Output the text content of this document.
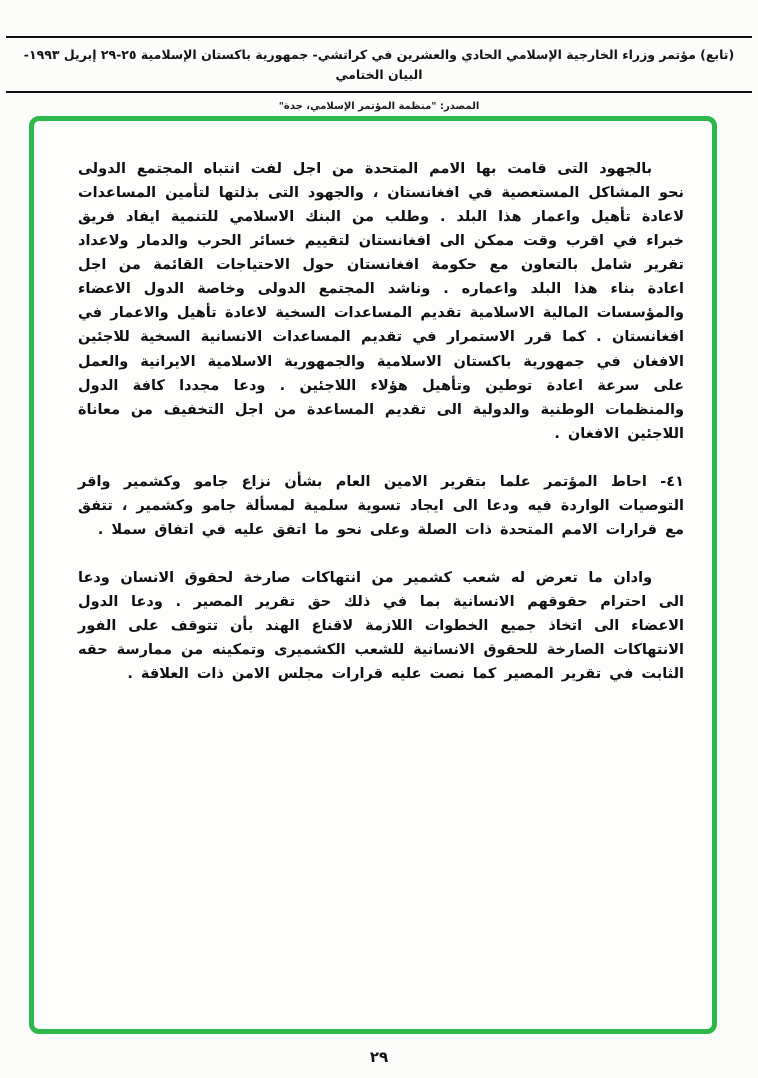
(تابع) مؤتمر وزراء الخارجية الإسلامي الحادي والعشرين في كراتشي- جمهورية باكستان الإسلامية ٢٥-٢٩ إبريل ١٩٩٣- البيان الختامي
المصدر: "منظمة المؤتمر الإسلامي، جدة"

بالجهود التى قامت بها الامم المتحدة من اجل لفت انتباه المجتمع الدولى نحو المشاكل المستعصية في افغانستان ، والجهود التى بذلتها لتأمين المساعدات لاعادة تأهيل واعمار هذا البلد . وطلب من البنك الاسلامي للتنمية ايفاد فريق خبراء في اقرب وقت ممكن الى افغانستان لتقييم خسائر الحرب والدمار ولاعداد تقرير شامل بالتعاون مع حكومة افغانستان حول الاحتياجات القائمة من اجل اعادة بناء هذا البلد واعماره . وناشد المجتمع الدولى وخاصة الدول الاعضاء والمؤسسات المالية الاسلامية تقديم المساعدات السخية لاعادة تأهيل والاعمار في افغانستان . كما قرر الاستمرار في تقديم المساعدات الانسانية السخية للاجئين الافغان في جمهورية باكستان الاسلامية والجمهورية الاسلامية الايرانية والعمل على سرعة اعادة توطين وتأهيل هؤلاء اللاجئين . ودعا مجددا كافة الدول والمنظمات الوطنية والدولية الى تقديم المساعدة من اجل التخفيف من معاناة اللاجئين الافغان .

٤١- احاط المؤتمر علما بتقرير الامين العام بشأن نزاع جامو وكشمير واقر التوصيات الواردة فيه ودعا الى ايجاد تسوية سلمية لمسألة جامو وكشمير ، تتفق مع قرارات الامم المتحدة ذات الصلة وعلى نحو ما اتفق عليه في اتفاق سملا .

وادان ما تعرض له شعب كشمير من انتهاكات صارخة لحقوق الانسان ودعا الى احترام حقوقهم الانسانية بما في ذلك حق تقرير المصير . ودعا الدول الاعضاء الى اتخاذ جميع الخطوات اللازمة لاقناع الهند بأن تتوقف على الفور الانتهاكات الصارخة للحقوق الانسانية للشعب الكشميرى وتمكينه من ممارسة حقه الثابت في تقرير المصير كما نصت عليه قرارات مجلس الامن ذات العلاقة .

٢٩
